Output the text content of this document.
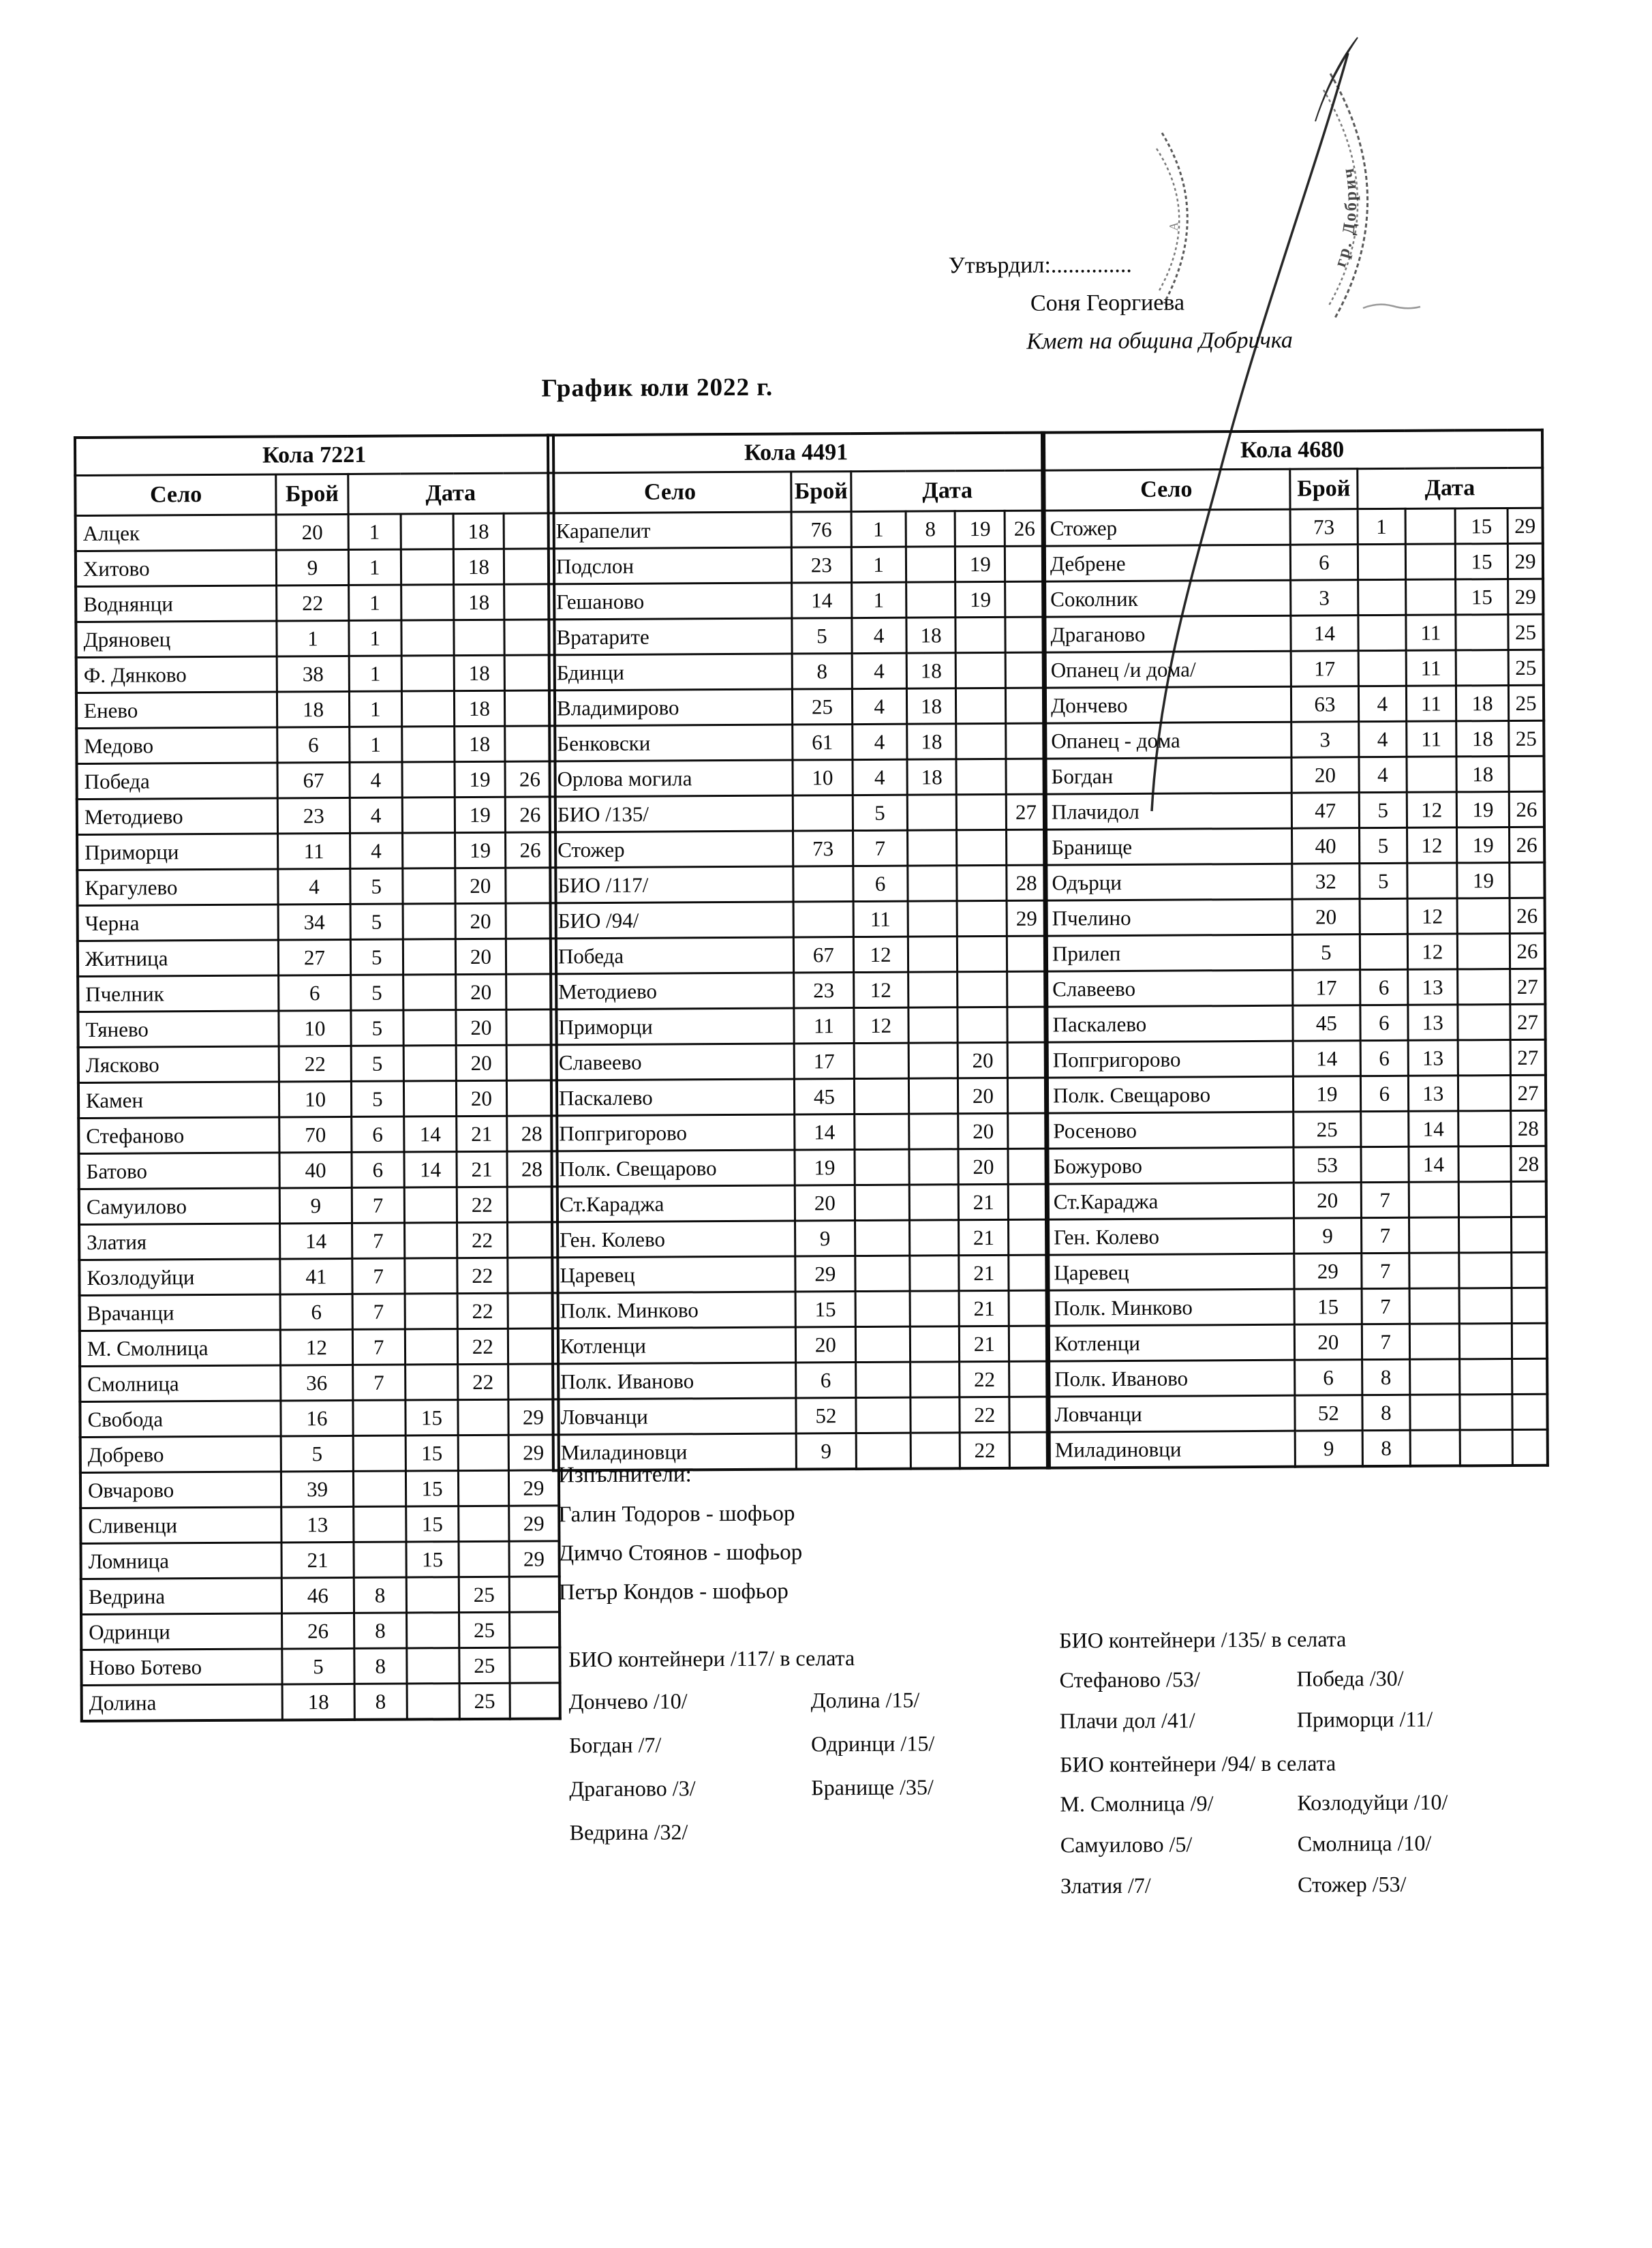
Утвърдил:..............
Соня Георгиева
Кмет на община Добричка
График юли 2022 г.
Кола 7221					
Село	Брой	Дата			
Алцек	20	1		18	
Хитово	9	1		18	
Воднянци	22	1		18	
Дряновец	1	1			
Ф. Дянково	38	1		18	
Енево	18	1		18	
Медово	6	1		18	
Победа	67	4		19	26
Методиево	23	4		19	26
Приморци	11	4		19	26
Крагулево	4	5		20	
Черна	34	5		20	
Житница	27	5		20	
Пчелник	6	5		20	
Тянево	10	5		20	
Лясково	22	5		20	
Камен	10	5		20	
Стефаново	70	6	14	21	28
Батово	40	6	14	21	28
Самуилово	9	7		22	
Златия	14	7		22	
Козлодуйци	41	7		22	
Врачанци	6	7		22	
М. Смолница	12	7		22	
Смолница	36	7		22	
Свобода	16		15		29
Добрево	5		15		29
Овчарово	39		15		29
Сливенци	13		15		29
Ломница	21		15		29
Ведрина	46	8		25	
Одринци	26	8		25	
Ново Ботево	5	8		25	
Долина	18	8		25	
Кола 4491					
Село	Брой	Дата			
Карапелит	76	1	8	19	26
Подслон	23	1		19	
Гешаново	14	1		19	
Вратарите	5	4	18		
Бдинци	8	4	18		
Владимирово	25	4	18		
Бенковски	61	4	18		
Орлова могила	10	4	18		
БИО /135/		5			27
Стожер	73	7			
БИО /117/		6			28
БИО /94/		11			29
Победа	67	12			
Методиево	23	12			
Приморци	11	12			
Славеево	17			20	
Паскалево	45			20	
Попгригорово	14			20	
Полк. Свещарово	19			20	
Ст.Караджа	20			21	
Ген. Колево	9			21	
Царевец	29			21	
Полк. Минково	15			21	
Котленци	20			21	
Полк. Иваново	6			22	
Ловчанци	52			22	
Миладиновци	9			22	
Кола 4680					
Село	Брой	Дата			
Стожер	73	1		15	29
Дебрене	6			15	29
Соколник	3			15	29
Драганово	14		11		25
Опанец /и дома/	17		11		25
Дончево	63	4	11	18	25
Опанец - дома	3	4	11	18	25
Богдан	20	4		18	
Плачидол	47	5	12	19	26
Бранище	40	5	12	19	26
Одърци	32	5		19	
Пчелино	20		12		26
Прилеп	5		12		26
Славеево	17	6	13		27
Паскалево	45	6	13		27
Попгригорово	14	6	13		27
Полк. Свещарово	19	6	13		27
Росеново	25		14		28
Божурово	53		14		28
Ст.Караджа	20	7			
Ген. Колево	9	7			
Царевец	29	7			
Полк. Минково	15	7			
Котленци	20	7			
Полк. Иваново	6	8			
Ловчанци	52	8			
Миладиновци	9	8			
Изпълнители:
Галин Тодоров - шофьор
Димчо Стоянов - шофьор
Петър Кондов - шофьор
БИО контейнери /117/ в селата
Дончево /10/
Богдан /7/
Драганово /3/
Ведрина /32/
Долина /15/
Одринци /15/
Бранище /35/
БИО контейнери /135/ в селата
Стефаново /53/
Плачи дол /41/
Победа /30/
Приморци /11/
БИО контейнери /94/ в селата
М. Смолница /9/
Самуилово /5/
Златия /7/
Козлодуйци /10/
Смолница /10/
Стожер /53/
А
гр. Добрич
